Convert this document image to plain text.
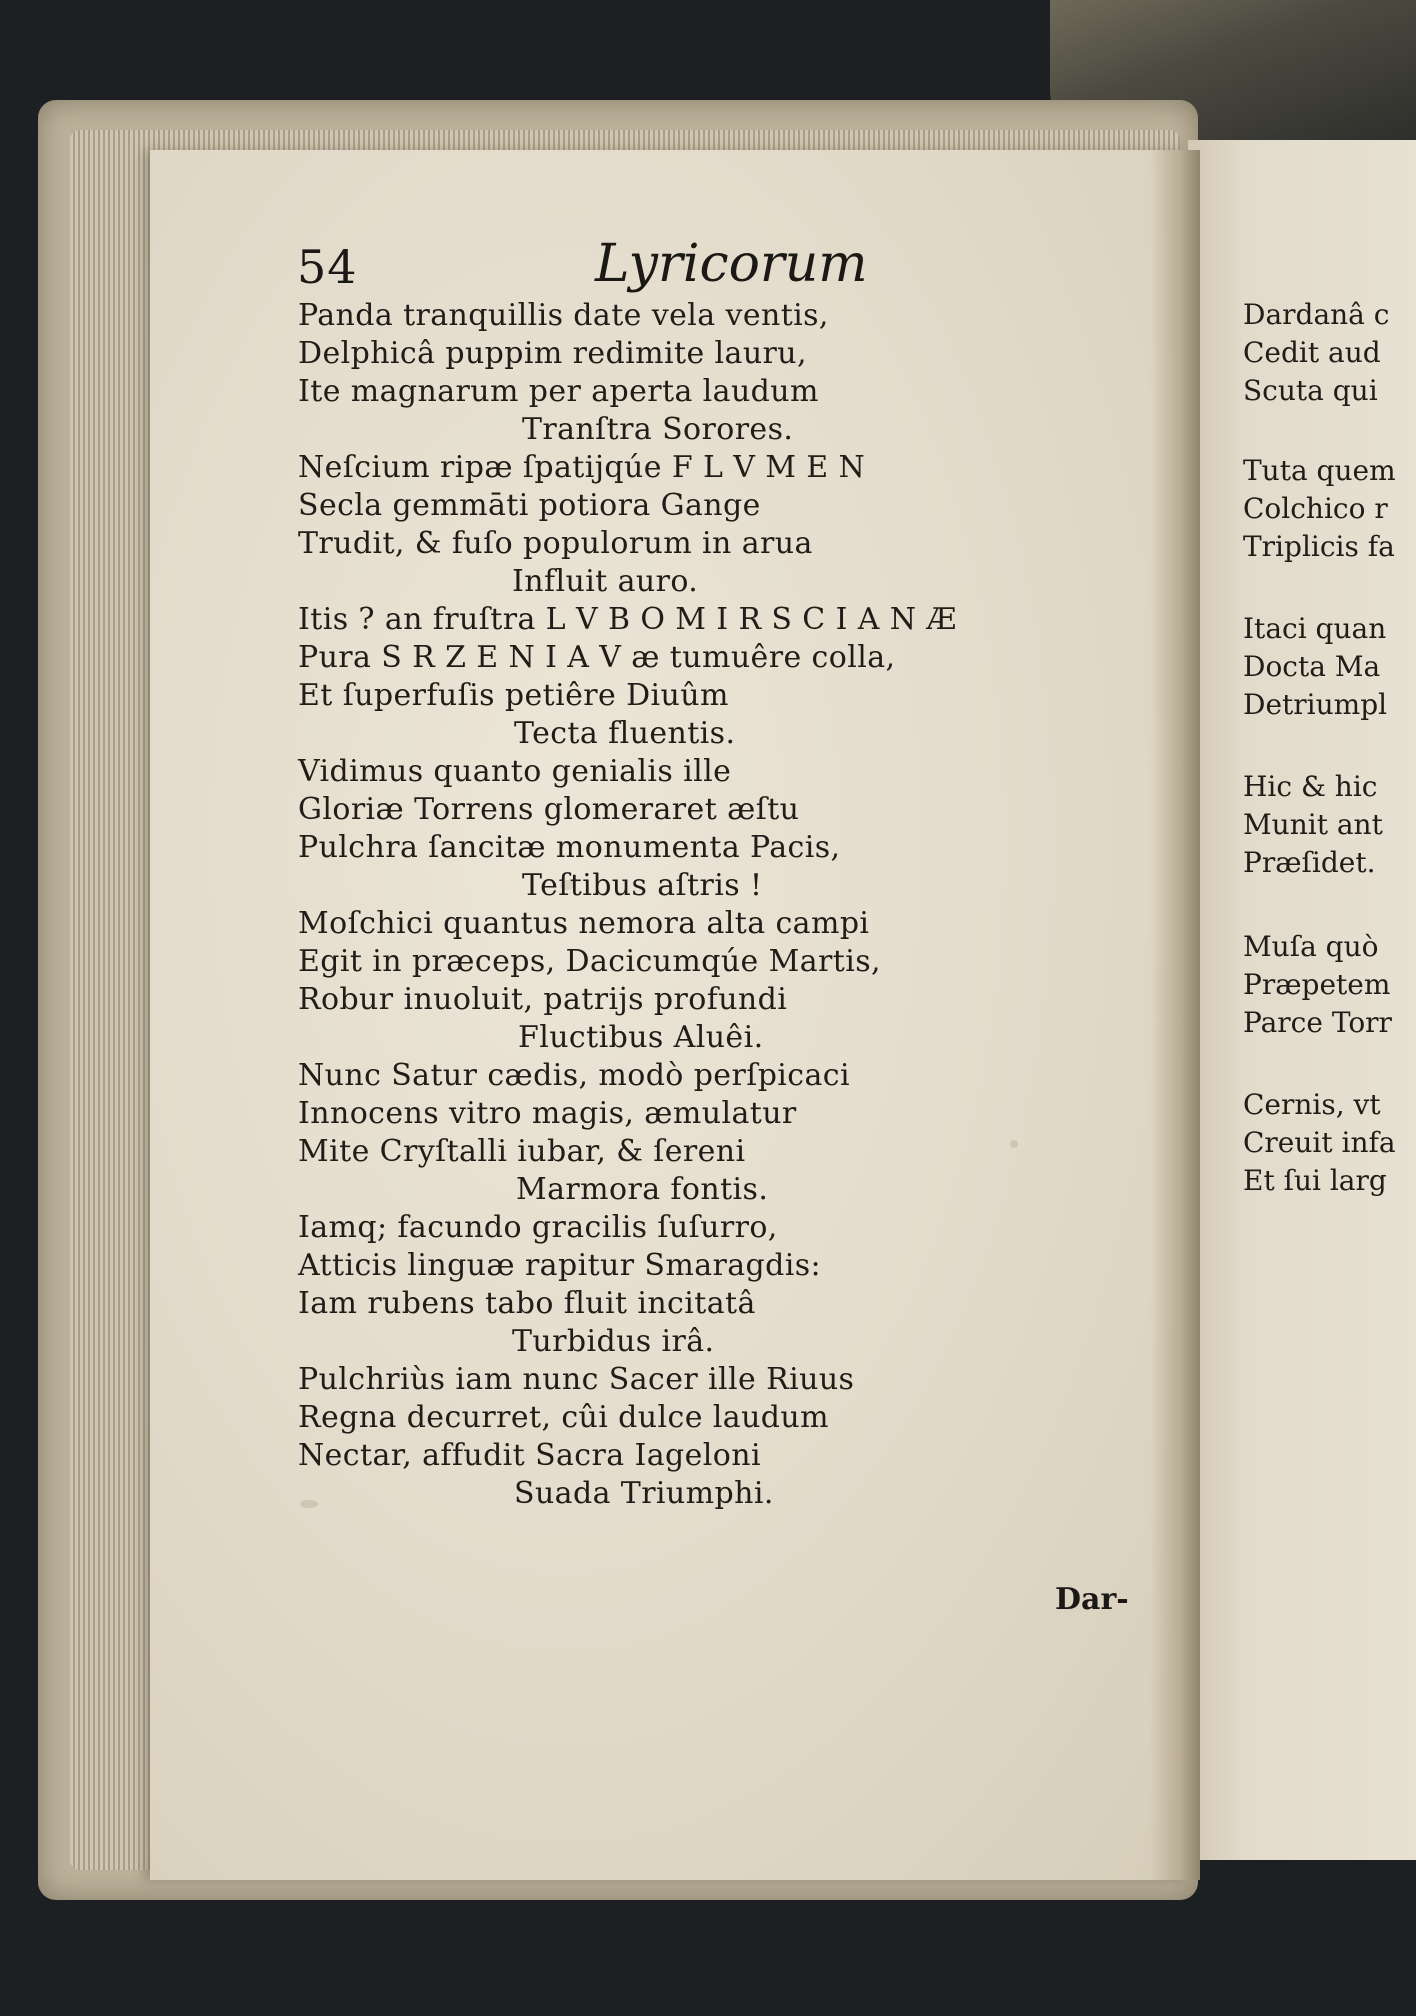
54	Lyricorum
Panda tranquillis date vela ventis,
Delphicâ puppim redimite lauru,
Ite magnarum per aperta laudum
Tranſtra Sorores.
Neſcium ripæ ſpatijqúe F L V M E N
Secla gemmāti potiora Gange
Trudit, & fuſo populorum in arua
Influit auro.
Itis ? an fruſtra L V B O M I R S C I A N Æ
Pura S R Z E N I A V æ tumuêre colla,
Et ſuperfuſis petiêre Diuûm
Tecta fluentis.
Vidimus quanto genialis ille
Gloriæ Torrens glomeraret æſtu
Pulchra ſancitæ monumenta Pacis,
Teſtibus aſtris !
Moſchici quantus nemora alta campi
Egit in præceps, Dacicumqúe Martis,
Robur inuoluit, patrijs profundi
Fluctibus Aluêi.
Nunc Satur cædis, modò perſpicaci
Innocens vitro magis, æmulatur
Mite Cryſtalli iubar, & ſereni
Marmora fontis.
Iamq; facundo gracilis ſuſurro,
Atticis linguæ rapitur Smaragdis:
Iam rubens tabo fluit incitatâ
Turbidus irâ.
Pulchriùs iam nunc Sacer ille Riuus
Regna decurret, cûi dulce laudum
Nectar, affudit Sacra Iageloni
Suada Triumphi.
Dar-
Dardanâ c
Cedit aud
Scuta qui
Tuta quem
Colchico r
Triplicis fa
Itaci quan
Docta Ma
Detriumpl
Hic & hic
Munit ant
Præſidet.
Muſa quò
Præpetem
Parce Torr
Cernis, vt
Creuit infa
Et ſui larg
